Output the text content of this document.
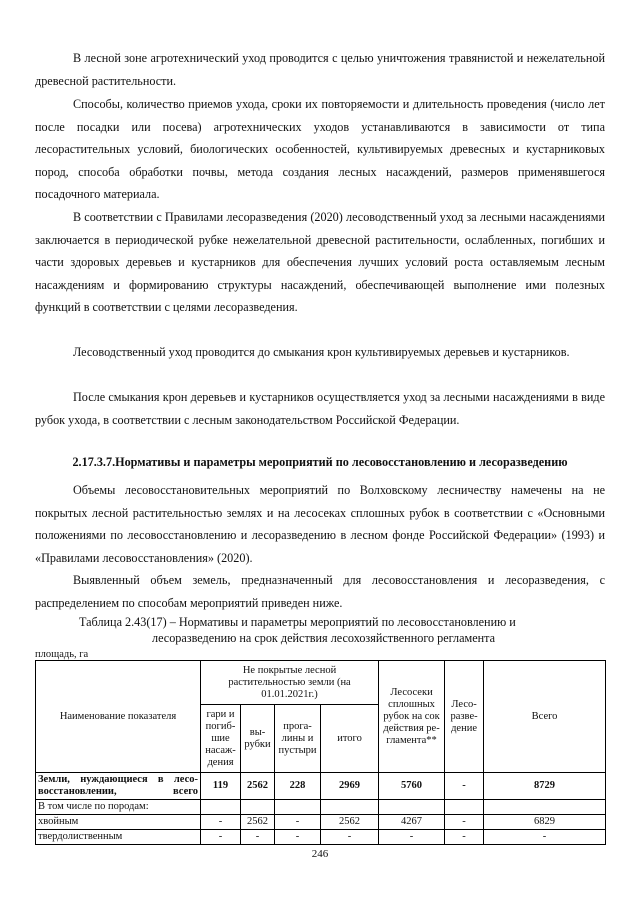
В лесной зоне агротехнический уход проводится с целью уничтожения травянистой и нежелательной древесной растительности.

Способы, количество приемов ухода, сроки их повторяемости и длительность проведения (число лет после посадки или посева) агротехнических уходов устанавливаются в зависимости от типа лесорастительных условий, биологических особенностей, культивируемых древесных и кустарниковых пород, способа обработки почвы, метода создания лесных насаждений, размеров применявшегося посадочного материала.

В соответствии с Правилами лесоразведения (2020) лесоводственный уход за лесными насаждениями заключается в периодической рубке нежелательной древесной растительности, ослабленных, погибших и части здоровых деревьев и кустарников для обеспечения лучших условий роста оставляемым лесным насаждениям и формированию структуры насаждений, обеспечивающей выполнение ими полезных функций в соответствии с целями лесоразведения.

Лесоводственный уход проводится до смыкания крон культивируемых деревьев и кустарников.

После смыкания крон деревьев и кустарников осуществляется уход за лесными насаждениями в виде рубок ухода, в соответствии с лесным законодательством Российской Федерации.

2.17.3.7.Нормативы и параметры мероприятий по лесовосстановлению и лесоразведению

Объемы лесовосстановительных мероприятий по Волховскому лесничеству намечены на не покрытых лесной растительностью землях и на лесосеках сплошных рубок в соответствии с «Основными положениями по лесовосстановлению и лесоразведению в лесном фонде Российской Федерации» (1993) и «Правилами лесовосстановления» (2020).

Выявленный объем земель, предназначенный для лесовосстановления и лесоразведения, с распределением по способам мероприятий приведен ниже.

Таблица 2.43(17) – Нормативы и параметры мероприятий по лесовосстановлению и

лесоразведению на срок действия лесохозяйственного регламента

площадь, га

Наименование показателя	Не покрытые лесной растительностью земли (на 01.01.2021г.)				Лесосеки сплошных рубок на сок действия регламента**	Лесоразведение	Всего
	гари и погибшие насаждения	вырубки	прогалины и пустыри	итого			
Земли, нуждающиеся в лесовосстановлении, всего	119	2562	228	2969	5760	-	8729
В том числе по породам:							
хвойным	-	2562	-	2562	4267	-	6829
твердолиственным	-	-	-	-	-	-	-
246
